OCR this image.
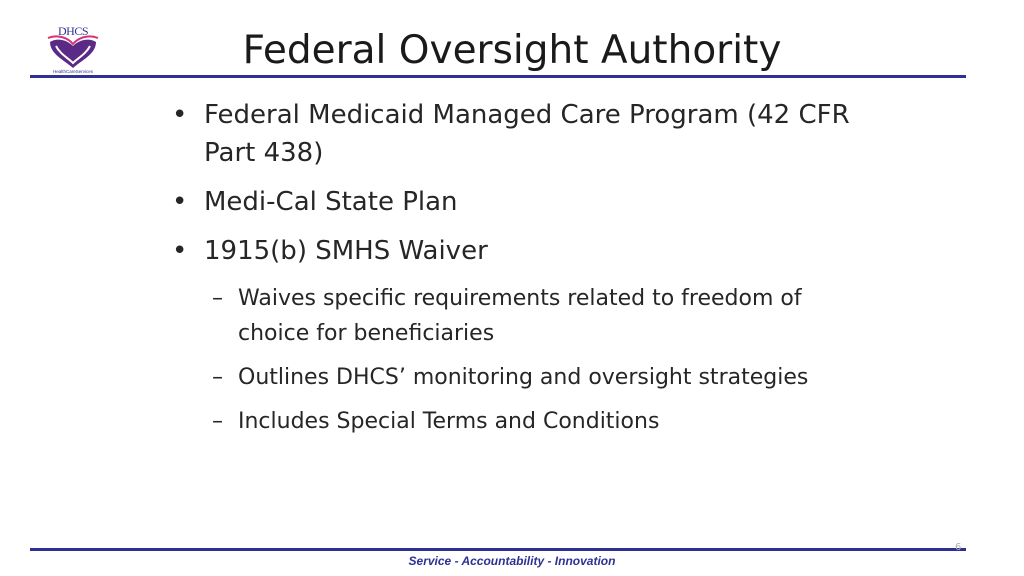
DHCS
HealthCareServices	Federal Oversight Authority
• Federal Medicaid Managed Care Program (42 CFR Part 438)
• Medi-Cal State Plan
• 1915(b) SMHS Waiver
– Waives specific requirements related to freedom of choice for beneficiaries
– Outlines DHCS’ monitoring and oversight strategies
– Includes Special Terms and Conditions
Service - Accountability - Innovation
6
